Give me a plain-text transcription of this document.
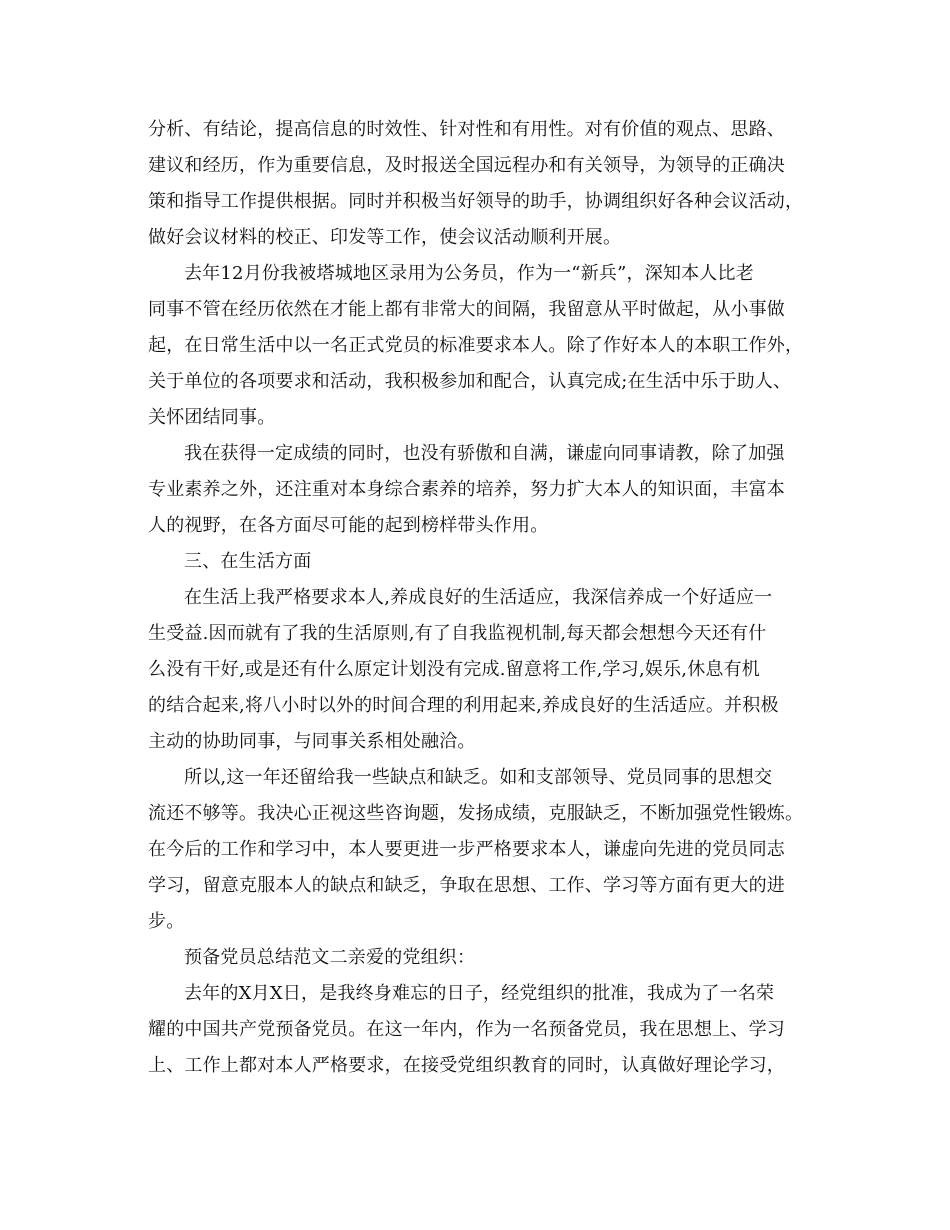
分析、有结论，提高信息的时效性、针对性和有用性。对有价值的观点、思路、
建议和经历，作为重要信息，及时报送全国远程办和有关领导，为领导的正确决
策和指导工作提供根据。同时并积极当好领导的助手，协调组织好各种会议活动，
做好会议材料的校正、印发等工作，使会议活动顺利开展。
去年12月份我被塔城地区录用为公务员，作为一“新兵”，深知本人比老
同事不管在经历依然在才能上都有非常大的间隔，我留意从平时做起，从小事做
起，在日常生活中以一名正式党员的标准要求本人。除了作好本人的本职工作外，
关于单位的各项要求和活动，我积极参加和配合，认真完成;在生活中乐于助人、
关怀团结同事。
我在获得一定成绩的同时，也没有骄傲和自满，谦虚向同事请教，除了加强
专业素养之外，还注重对本身综合素养的培养，努力扩大本人的知识面，丰富本
人的视野，在各方面尽可能的起到榜样带头作用。
三、在生活方面
在生活上我严格要求本人,养成良好的生活适应，我深信养成一个好适应一
生受益.因而就有了我的生活原则,有了自我监视机制,每天都会想想今天还有什
么没有干好,或是还有什么原定计划没有完成.留意将工作,学习,娱乐,休息有机
的结合起来,将八小时以外的时间合理的利用起来,养成良好的生活适应。并积极
主动的协助同事，与同事关系相处融洽。
所以,这一年还留给我一些缺点和缺乏。如和支部领导、党员同事的思想交
流还不够等。我决心正视这些咨询题，发扬成绩，克服缺乏，不断加强党性锻炼。
在今后的工作和学习中，本人要更进一步严格要求本人，谦虚向先进的党员同志
学习，留意克服本人的缺点和缺乏，争取在思想、工作、学习等方面有更大的进
步。
预备党员总结范文二亲爱的党组织：
去年的X月X日，是我终身难忘的日子，经党组织的批准，我成为了一名荣
耀的中国共产党预备党员。在这一年内，作为一名预备党员，我在思想上、学习
上、工作上都对本人严格要求，在接受党组织教育的同时，认真做好理论学习，
